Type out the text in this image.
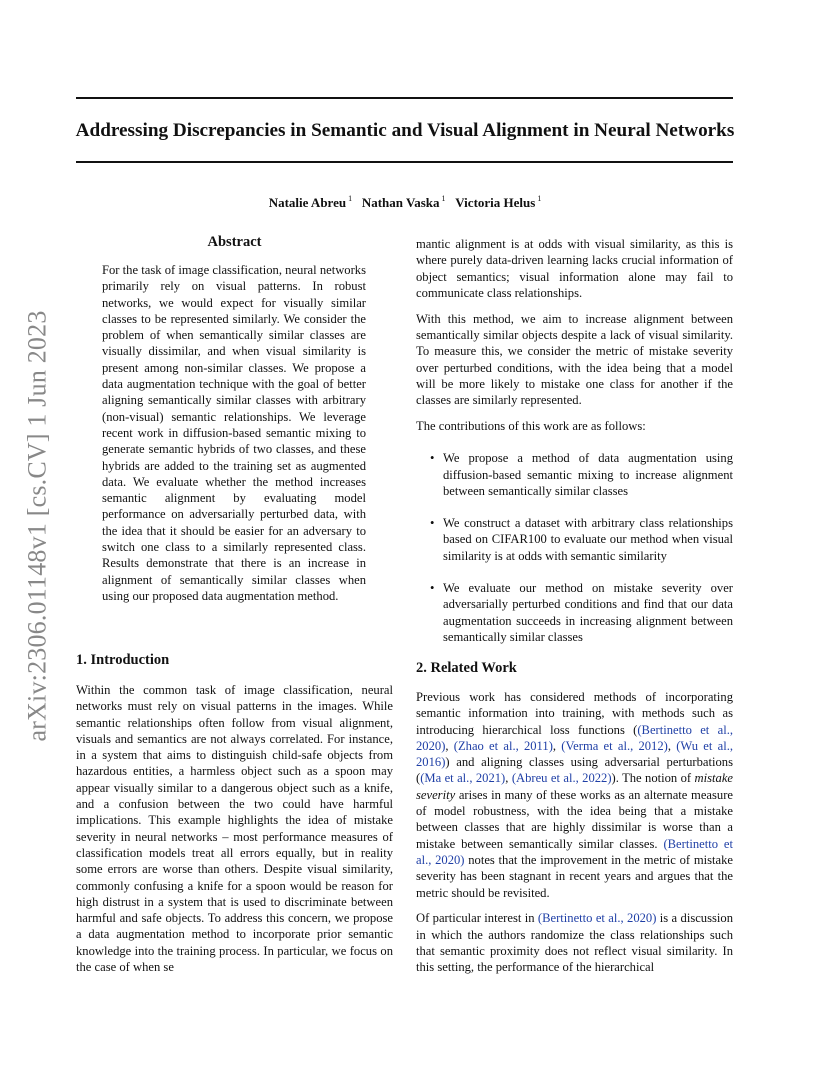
Addressing Discrepancies in Semantic and Visual Alignment in Neural Networks
Natalie Abreu $^1$ Nathan Vaska $^1$ Victoria Helus $^1$
arXiv:2306.01148v1 [cs.CV] 1 Jun 2023
Abstract
For the task of image classification, neural networks primarily rely on visual patterns. In robust networks, we would expect for visually similar classes to be represented similarly. We consider the problem of when semantically similar classes are visually dissimilar, and when visual similarity is present among non-similar classes. We propose a data augmentation technique with the goal of better aligning semantically similar classes with arbitrary (non-visual) semantic relationships. We leverage recent work in diffusion-based semantic mixing to generate semantic hybrids of two classes, and these hybrids are added to the training set as augmented data. We evaluate whether the method increases semantic alignment by evaluating model performance on adversarially perturbed data, with the idea that it should be easier for an adversary to switch one class to a similarly represented class. Results demonstrate that there is an increase in alignment of semantically similar classes when using our proposed data augmentation method.
1. Introduction

Within the common task of image classification, neural networks must rely on visual patterns in the images. While semantic relationships often follow from visual alignment, visuals and semantics are not always correlated. For instance, in a system that aims to distinguish child-safe objects from hazardous entities, a harmless object such as a spoon may appear visually similar to a dangerous object such as a knife, and a confusion between the two could have harmful implications. This example highlights the idea of mistake severity in neural networks – most performance measures of classification models treat all errors equally, but in reality some errors are worse than others. Despite visual similarity, commonly confusing a knife for a spoon would be reason for high distrust in a system that is used to discriminate between harmful and safe objects. To address this concern, we propose a data augmentation method to incorporate prior semantic knowledge into the training process. In particular, we focus on the case of when se

mantic alignment is at odds with visual similarity, as this is where purely data-driven learning lacks crucial information of object semantics; visual information alone may fail to communicate class relationships.

With this method, we aim to increase alignment between semantically similar objects despite a lack of visual similarity. To measure this, we consider the metric of mistake severity over perturbed conditions, with the idea being that a model will be more likely to mistake one class for another if the classes are similarly represented.

The contributions of this work are as follows:

• We propose a method of data augmentation using diffusion-based semantic mixing to increase alignment between semantically similar classes
• We construct a dataset with arbitrary class relationships based on CIFAR100 to evaluate our method when visual similarity is at odds with semantic similarity
• We evaluate our method on mistake severity over adversarially perturbed conditions and find that our data augmentation succeeds in increasing alignment between semantically similar classes
2. Related Work

Previous work has considered methods of incorporating semantic information into training, with methods such as introducing hierarchical loss functions ((Bertinetto et al., 2020), (Zhao et al., 2011), (Verma et al., 2012), (Wu et al., 2016)) and aligning classes using adversarial perturbations ((Ma et al., 2021), (Abreu et al., 2022)). The notion of mistake severity arises in many of these works as an alternate measure of model robustness, with the idea being that a mistake between classes that are highly dissimilar is worse than a mistake between semantically similar classes. (Bertinetto et al., 2020) notes that the improvement in the metric of mistake severity has been stagnant in recent years and argues that the metric should be revisited.

Of particular interest in (Bertinetto et al., 2020) is a discussion in which the authors randomize the class relationships such that semantic proximity does not reflect visual similarity. In this setting, the performance of the hierarchical
